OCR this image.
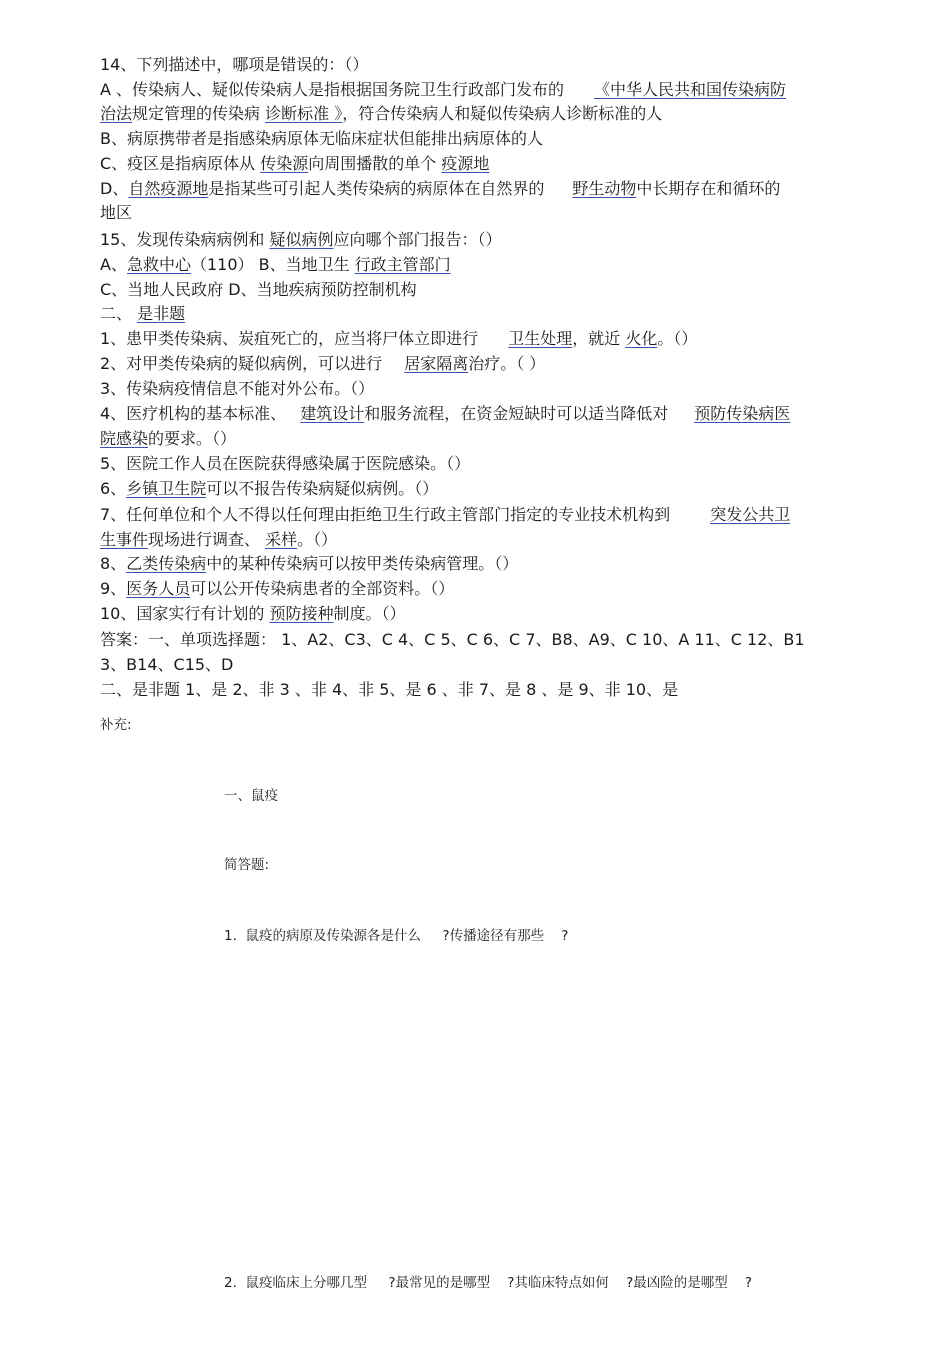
14、下列描述中，哪项是错误的：（）
A 、传染病人、疑似传染病人是指根据国务院卫生行政部门发布的 《中华人民共和国传染病防
治法规定管理的传染病 诊断标准 》，符合传染病人和疑似传染病人诊断标准的人
B、病原携带者是指感染病原体无临床症状但能排出病原体的人
C、疫区是指病原体从 传染源向周围播散的单个 疫源地
D、自然疫源地是指某些可引起人类传染病的病原体在自然界的 野生动物中长期存在和循环的
地区
15、发现传染病病例和 疑似病例应向哪个部门报告：（）
A、急救中心（110） B、当地卫生 行政主管部门
C、当地人民政府 D、当地疾病预防控制机构
二、 是非题
1、患甲类传染病、炭疽死亡的，应当将尸体立即进行 卫生处理，就近 火化。（）
2、对甲类传染病的疑似病例，可以进行 居家隔离治疗。（ ）
3、传染病疫情信息不能对外公布。（）
4、医疗机构的基本标准、 建筑设计和服务流程，在资金短缺时可以适当降低对 预防传染病医
院感染的要求。（）
5、医院工作人员在医院获得感染属于医院感染。（）
6、乡镇卫生院可以不报告传染病疑似病例。（）
7、任何单位和个人不得以任何理由拒绝卫生行政主管部门指定的专业技术机构到	突发公共卫
生事件现场进行调查、 采样。（）
8、乙类传染病中的某种传染病可以按甲类传染病管理。（）
9、医务人员可以公开传染病患者的全部资料。（）
10、国家实行有计划的 预防接种制度。（）
答案：一、单项选择题： 1、A2、C3、C 4、C 5、C 6、C 7、B8、A9、C 10、A 11、C 12、B1
3、B14、C15、D
二、是非题 1、是 2、非 3 、非 4、非 5、是 6 、非 7、是 8 、是 9、非 10、是
补充:
一、鼠疫
简答题:
1.  鼠疫的病原及传染源各是什么     ?传播途径有那些    ?
2.  鼠疫临床上分哪几型     ?最常见的是哪型    ?其临床特点如何    ?最凶险的是哪型    ?
